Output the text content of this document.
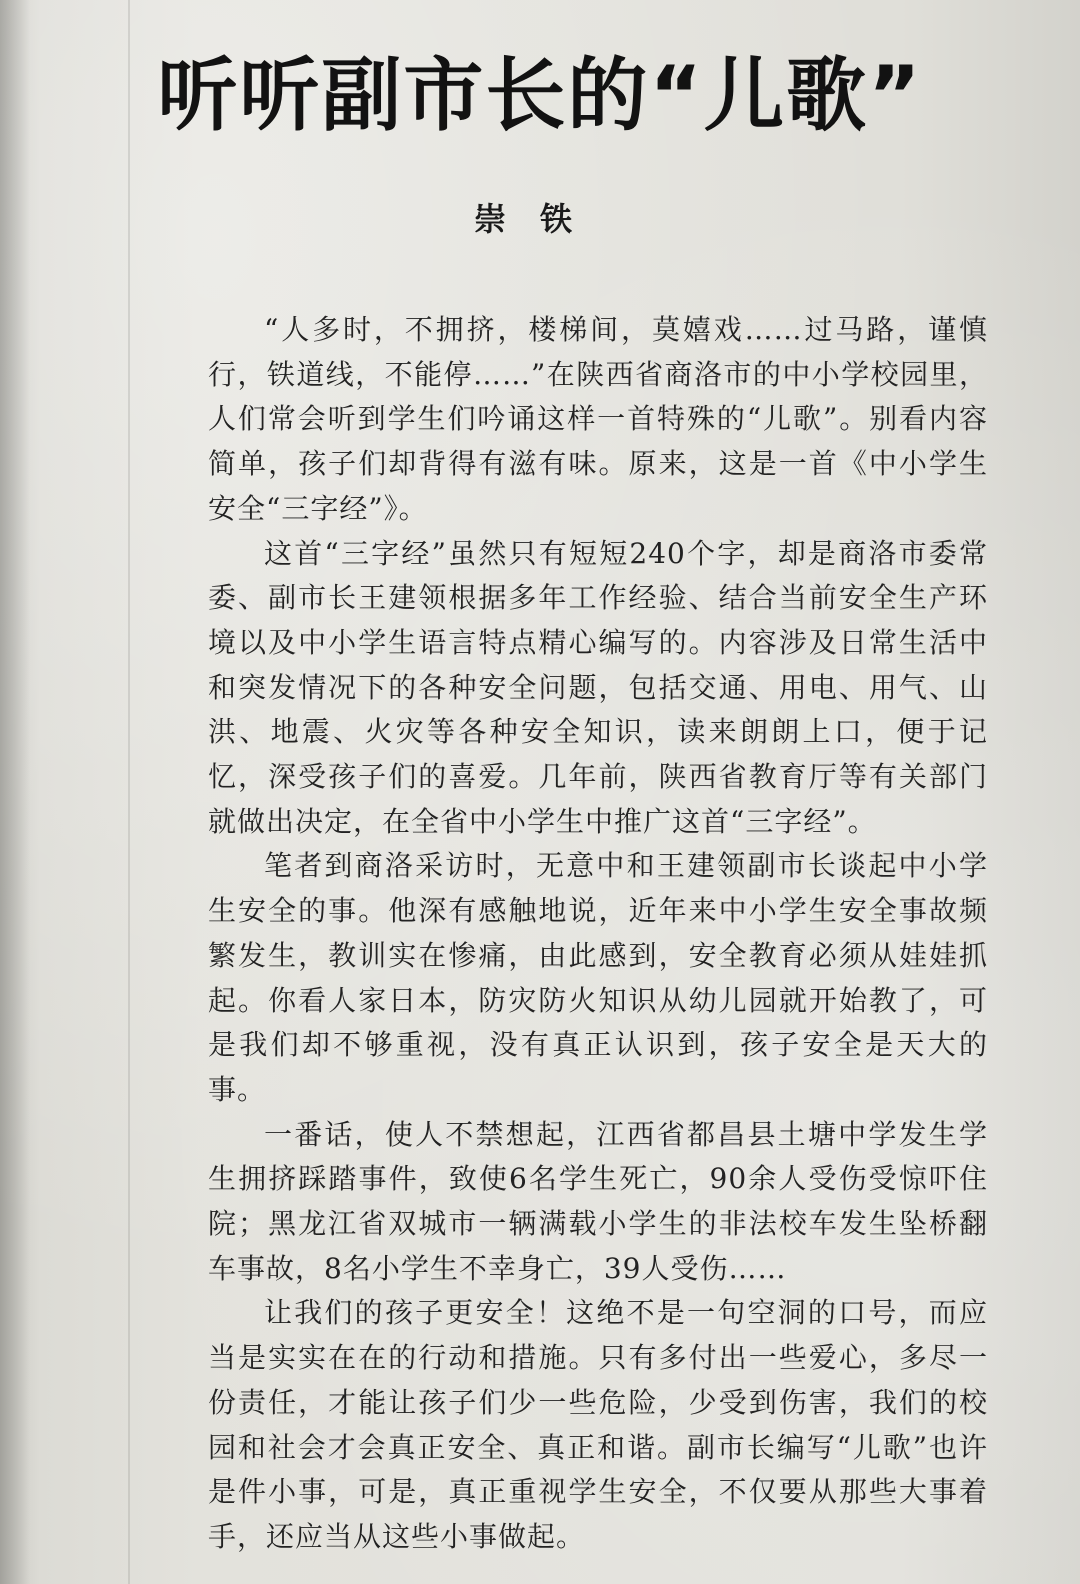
听听副市长的“儿歌”
崇铁

“人多时，不拥挤，楼梯间，莫嬉戏……过马路，谨慎行，铁道线，不能停……”在陕西省商洛市的中小学校园里，人们常会听到学生们吟诵这样一首特殊的“儿歌”。别看内容简单，孩子们却背得有滋有味。原来，这是一首《中小学生安全“三字经”》。

这首“三字经”虽然只有短短240个字，却是商洛市委常委、副市长王建领根据多年工作经验、结合当前安全生产环境以及中小学生语言特点精心编写的。内容涉及日常生活中和突发情况下的各种安全问题，包括交通、用电、用气、山洪、地震、火灾等各种安全知识，读来朗朗上口，便于记忆，深受孩子们的喜爱。几年前，陕西省教育厅等有关部门就做出决定，在全省中小学生中推广这首“三字经”。

笔者到商洛采访时，无意中和王建领副市长谈起中小学生安全的事。他深有感触地说，近年来中小学生安全事故频繁发生，教训实在惨痛，由此感到，安全教育必须从娃娃抓起。你看人家日本，防灾防火知识从幼儿园就开始教了，可是我们却不够重视，没有真正认识到，孩子安全是天大的事。

一番话，使人不禁想起，江西省都昌县土塘中学发生学生拥挤踩踏事件，致使6名学生死亡，90余人受伤受惊吓住院；黑龙江省双城市一辆满载小学生的非法校车发生坠桥翻车事故，8名小学生不幸身亡，39人受伤……

让我们的孩子更安全！这绝不是一句空洞的口号，而应当是实实在在的行动和措施。只有多付出一些爱心，多尽一份责任，才能让孩子们少一些危险，少受到伤害，我们的校园和社会才会真正安全、真正和谐。副市长编写“儿歌”也许是件小事，可是，真正重视学生安全，不仅要从那些大事着手，还应当从这些小事做起。
